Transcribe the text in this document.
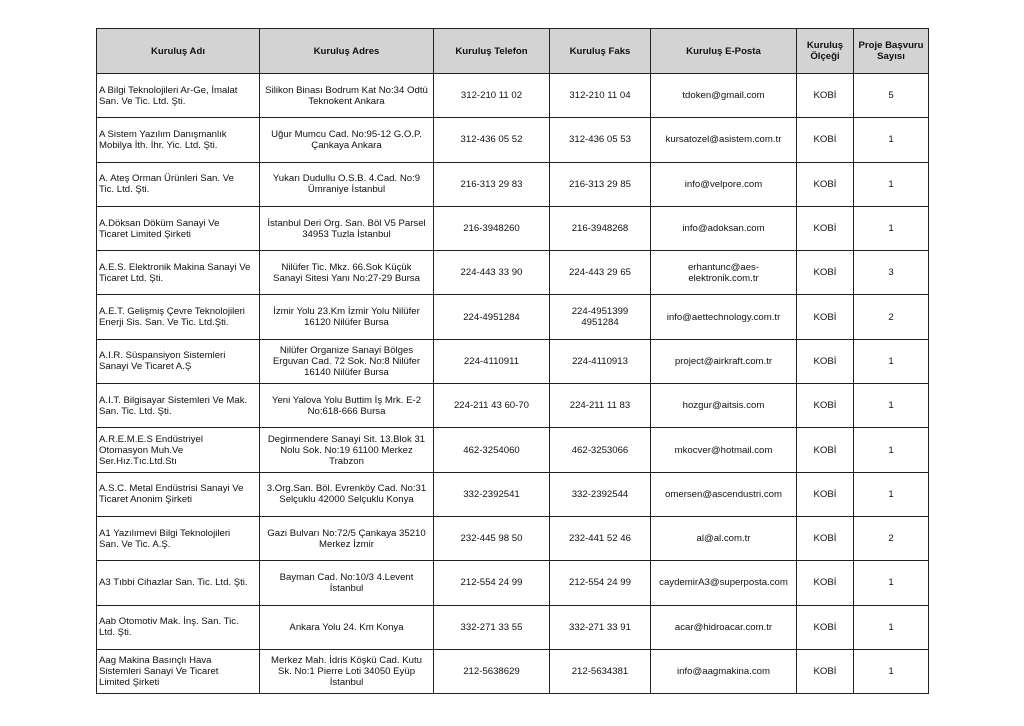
Kuruluş Adı	Kuruluş Adres	Kuruluş Telefon	Kuruluş Faks	Kuruluş E-Posta	Kuruluş
Ölçeği	Proje Başvuru
Sayısı

A Bilgi Teknolojileri Ar-Ge, İmalat
San. Ve Tic. Ltd. Şti.	Silikon Binası Bodrum Kat No:34 Odtü
Teknokent Ankara	312-210 11 02	312-210 11 04	tdoken@gmail.com	KOBİ	5

A Sistem Yazılım Danışmanlık
Mobilya İth. İhr. Yic. Ltd. Şti.	Uğur Mumcu Cad. No:95-12 G.O.P.
Çankaya Ankara	312-436 05 52	312-436 05 53	kursatozel@asistem.com.tr	KOBİ	1

A. Ateş Orman Ürünleri San. Ve
Tic. Ltd. Şti.	Yukarı Dudullu O.S.B. 4.Cad. No:9
Ümraniye İstanbul	216-313 29 83	216-313 29 85	info@velpore.com	KOBİ	1

A.Döksan Döküm Sanayi Ve
Ticaret Limited Şirketi	İstanbul Deri Org. San. Böl V5 Parsel
34953 Tuzla İstanbul	216-3948260	216-3948268	info@adoksan.com	KOBİ	1

A.E.S. Elektronik Makina Sanayi Ve
Ticaret Ltd. Şti.	Nilüfer Tic. Mkz. 66.Sok Küçük
Sanayi Sitesi Yanı No:27-29 Bursa	224-443 33 90	224-443 29 65	erhantunc@aes-
elektronik.com.tr	KOBİ	3

A.E.T. Gelişmiş Çevre Teknolojileri
Enerji Sis. San. Ve Tic. Ltd.Şti.	İzmir Yolu 23.Km İzmir Yolu Nilüfer
16120 Nilüfer Bursa	224-4951284	224-4951399
4951284	info@aettechnology.com.tr	KOBİ	2

A.I.R. Süspansiyon Sistemleri
Sanayi Ve Ticaret A.Ş	Nilüfer Organize Sanayi Bölges
Erguvan Cad. 72 Sok. No:8 Nilüfer
16140 Nilüfer Bursa	224-4110911	224-4110913	project@airkraft.com.tr	KOBİ	1

A.I.T. Bilgisayar Sistemleri Ve Mak.
San. Tic. Ltd. Şti.	Yeni Yalova Yolu Buttim İş Mrk. E-2
No:618-666 Bursa	224-211 43 60-70	224-211 11 83	hozgur@aitsis.com	KOBİ	1

A.R.E.M.E.S Endüstriyel
Otomasyon Muh.Ve
Ser.Hız.Tıc.Ltd.Stı	Degirmendere Sanayi Sit. 13.Blok 31
Nolu Sok. No:19 61100 Merkez
Trabzon	462-3254060	462-3253066	mkocver@hotmail.com	KOBİ	1

A.S.C. Metal Endüstrisi Sanayi Ve
Ticaret Anonim Şirketi	3.Org.San. Böl. Evrenköy Cad. No:31
Selçuklu 42000 Selçuklu Konya	332-2392541	332-2392544	omersen@ascendustri.com	KOBİ	1

A1 Yazılımevi Bilgi Teknolojileri
San. Ve Tic. A.Ş.	Gazi Bulvarı No:72/5 Çankaya 35210
Merkez İzmir	232-445 98 50	232-441 52 46	al@al.com.tr	KOBİ	2

A3 Tıbbi Cihazlar San. Tic. Ltd. Şti.	Bayman Cad. No:10/3 4.Levent
İstanbul	212-554 24 99	212-554 24 99	caydemirA3@superposta.com	KOBİ	1

Aab Otomotiv Mak. İnş. San. Tic.
Ltd. Şti.	Ankara Yolu 24. Km Konya	332-271 33 55	332-271 33 91	acar@hidroacar.com.tr	KOBİ	1

Aag Makina Basınçlı Hava
Sistemleri Sanayi Ve Ticaret
Limited Şirketi	Merkez Mah. İdris Köşkü Cad. Kutu
Sk. No:1 Pierre Loti 34050 Eyüp
İstanbul	212-5638629	212-5634381	info@aagmakina.com	KOBİ	1
